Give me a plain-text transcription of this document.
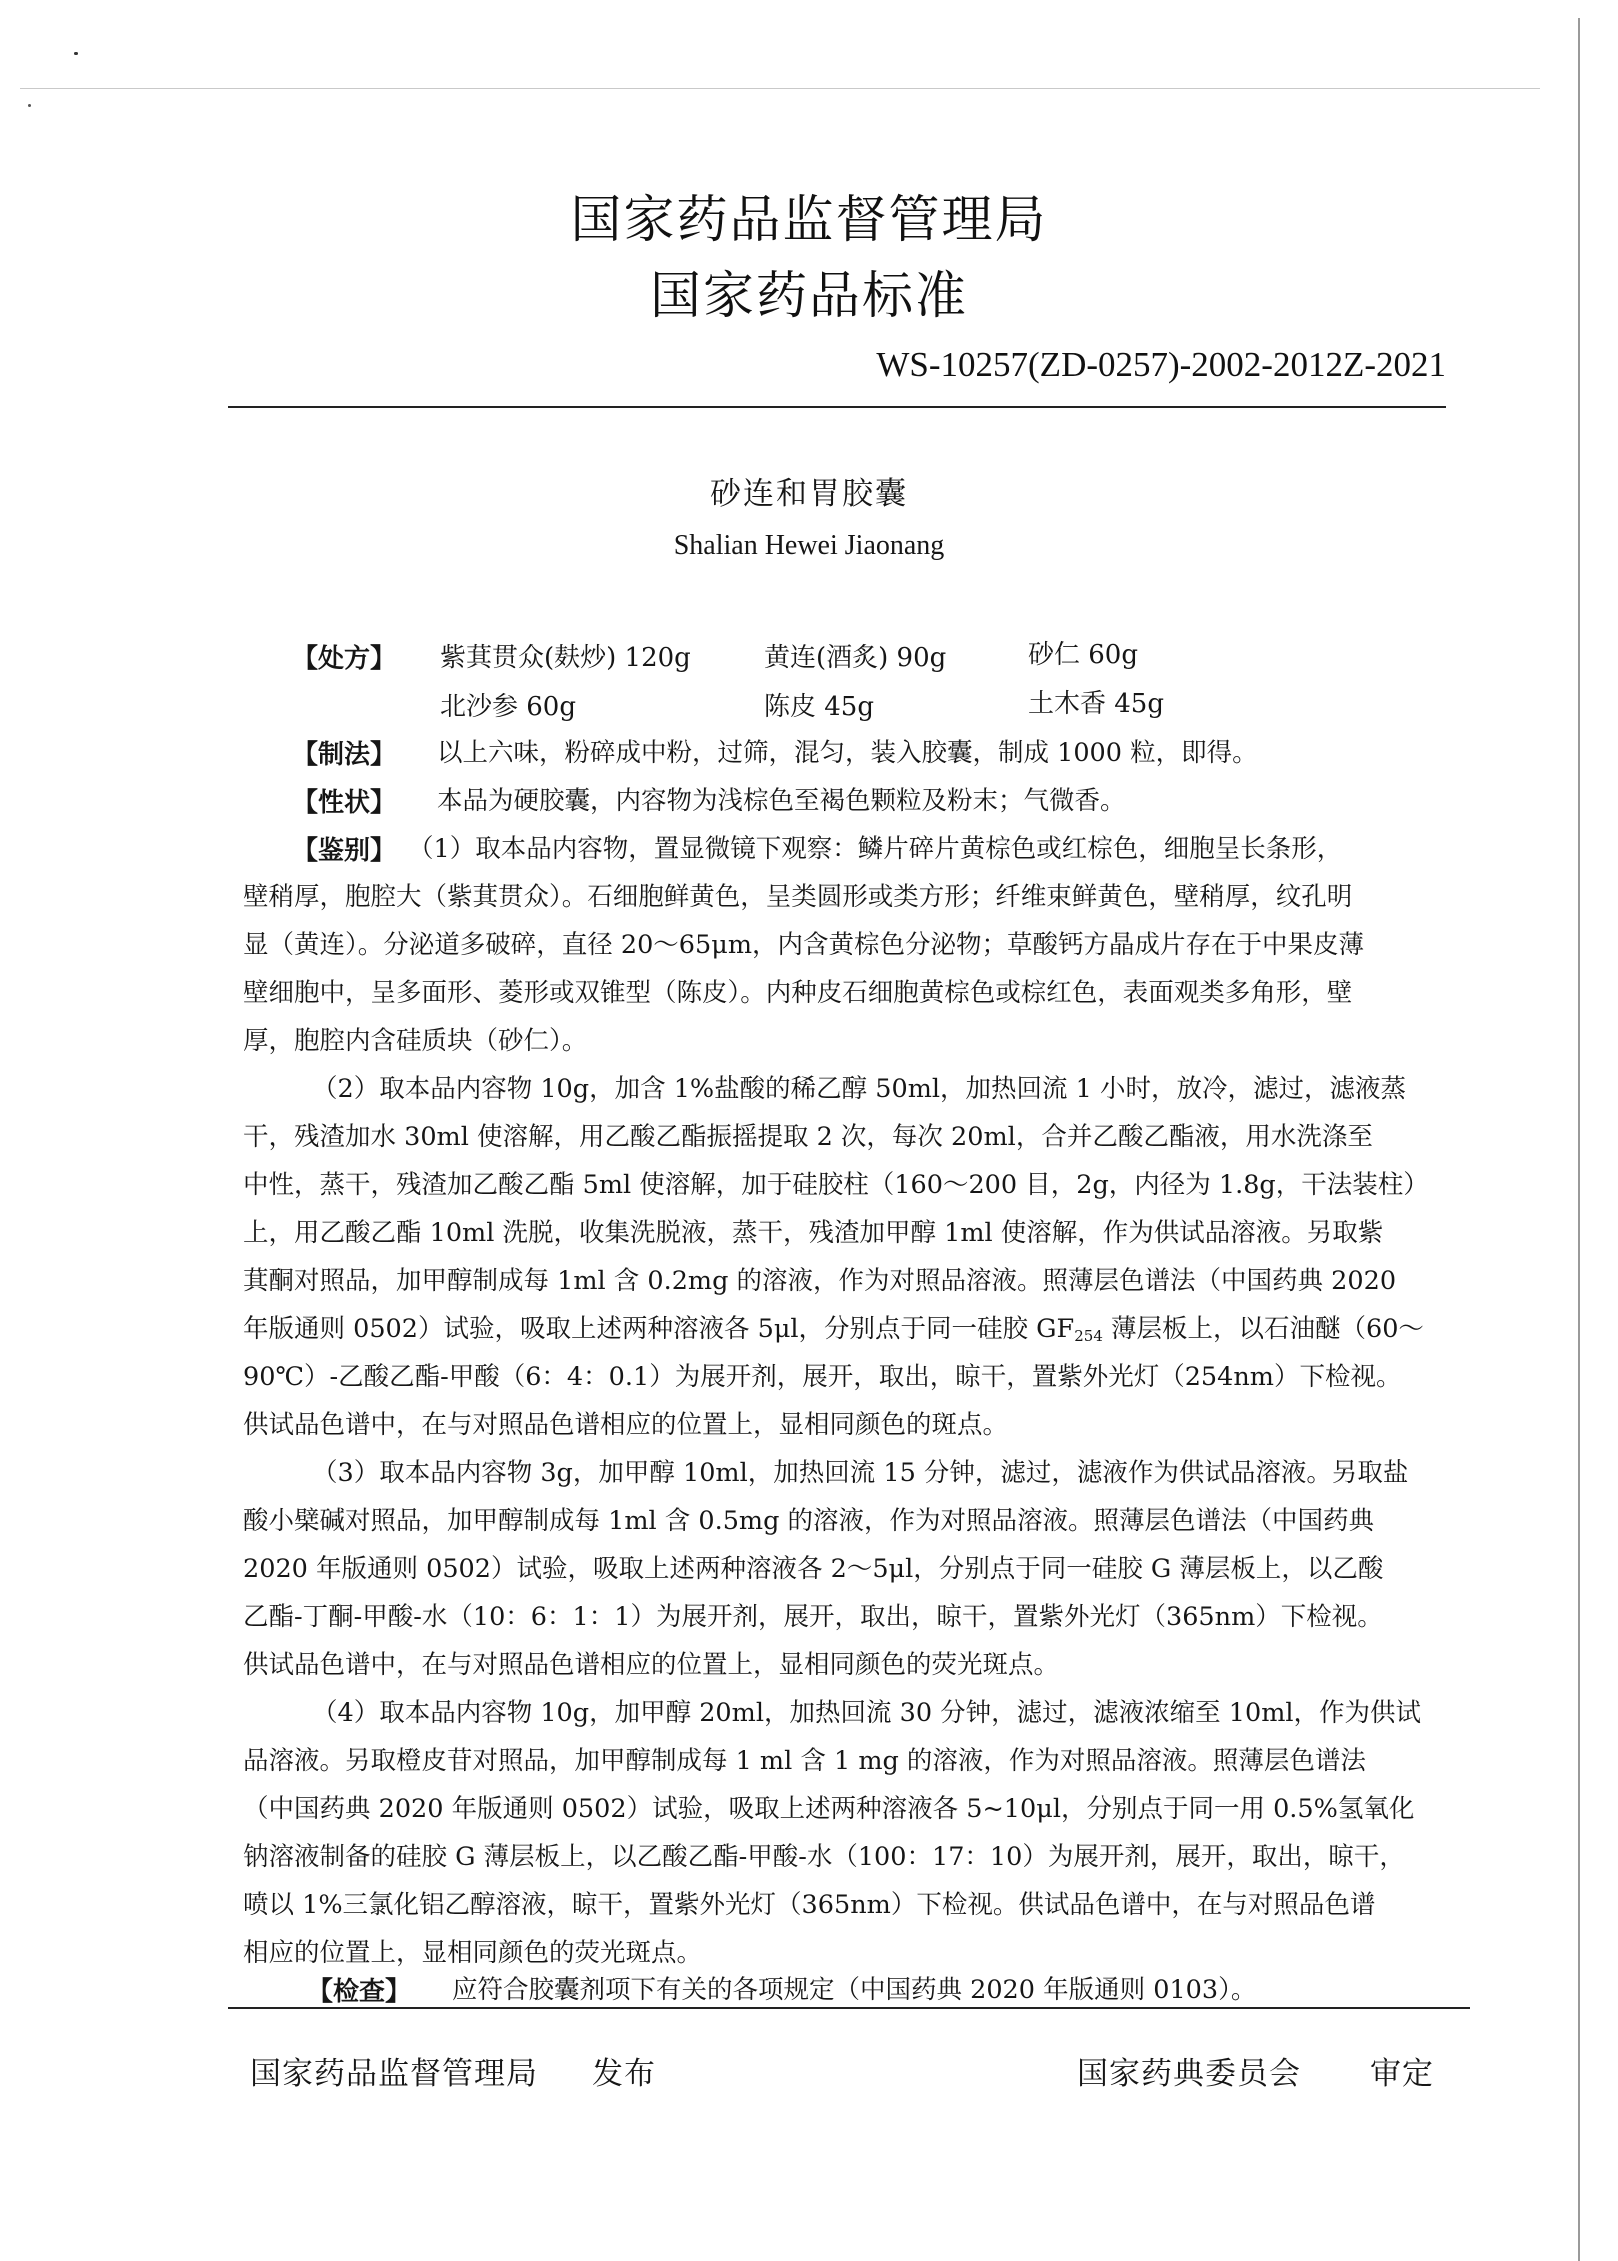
国家药品监督管理局
国家药品标准
WS-10257(ZD-0257)-2002-2012Z-2021
砂连和胃胶囊
Shalian Hewei Jiaonang
【处方】 紫萁贯众(麸炒) 120g	黄连(酒炙) 90g	砂仁 60g
北沙参 60g	陈皮 45g	土木香 45g
【制法】 以上六味，粉碎成中粉，过筛，混匀，装入胶囊，制成 1000 粒，即得。
【性状】 本品为硬胶囊，内容物为浅棕色至褐色颗粒及粉末；气微香。
【鉴别】 （1）取本品内容物，置显微镜下观察：鳞片碎片黄棕色或红棕色，细胞呈长条形，
壁稍厚，胞腔大（紫萁贯众）。石细胞鲜黄色，呈类圆形或类方形；纤维束鲜黄色，壁稍厚，纹孔明
显（黄连）。分泌道多破碎，直径 20～65μm，内含黄棕色分泌物；草酸钙方晶成片存在于中果皮薄
壁细胞中，呈多面形、菱形或双锥型（陈皮）。内种皮石细胞黄棕色或棕红色，表面观类多角形，壁
厚，胞腔内含硅质块（砂仁）。
（2）取本品内容物 10g，加含 1%盐酸的稀乙醇 50ml，加热回流 1 小时，放冷，滤过，滤液蒸
干，残渣加水 30ml 使溶解，用乙酸乙酯振摇提取 2 次，每次 20ml，合并乙酸乙酯液，用水洗涤至
中性，蒸干，残渣加乙酸乙酯 5ml 使溶解，加于硅胶柱（160～200 目，2g，内径为 1.8g，干法装柱）
上，用乙酸乙酯 10ml 洗脱，收集洗脱液，蒸干，残渣加甲醇 1ml 使溶解，作为供试品溶液。另取紫
萁酮对照品，加甲醇制成每 1ml 含 0.2mg 的溶液，作为对照品溶液。照薄层色谱法（中国药典 2020
年版通则 0502）试验，吸取上述两种溶液各 5μl，分别点于同一硅胶 $GF_{254}$ 薄层板上，以石油醚（60～
90℃）-乙酸乙酯-甲酸（6：4：0.1）为展开剂，展开，取出，晾干，置紫外光灯（254nm）下检视。
供试品色谱中，在与对照品色谱相应的位置上，显相同颜色的斑点。
（3）取本品内容物 3g，加甲醇 10ml，加热回流 15 分钟，滤过，滤液作为供试品溶液。另取盐
酸小檗碱对照品，加甲醇制成每 1ml 含 0.5mg 的溶液，作为对照品溶液。照薄层色谱法（中国药典
2020 年版通则 0502）试验，吸取上述两种溶液各 2～5μl，分别点于同一硅胶 G 薄层板上，以乙酸
乙酯-丁酮-甲酸-水（10：6：1：1）为展开剂，展开，取出，晾干，置紫外光灯（365nm）下检视。
供试品色谱中，在与对照品色谱相应的位置上，显相同颜色的荧光斑点。
（4）取本品内容物 10g，加甲醇 20ml，加热回流 30 分钟，滤过，滤液浓缩至 10ml，作为供试
品溶液。另取橙皮苷对照品，加甲醇制成每 1 ml 含 1 mg 的溶液，作为对照品溶液。照薄层色谱法
（中国药典 2020 年版通则 0502）试验，吸取上述两种溶液各 5~10μl，分别点于同一用 0.5%氢氧化
钠溶液制备的硅胶 G 薄层板上，以乙酸乙酯-甲酸-水（100：17：10）为展开剂，展开，取出，晾干，
喷以 1%三氯化铝乙醇溶液，晾干，置紫外光灯（365nm）下检视。供试品色谱中，在与对照品色谱
相应的位置上，显相同颜色的荧光斑点。
【检查】 应符合胶囊剂项下有关的各项规定（中国药典 2020 年版通则 0103）。
国家药品监督管理局 发布	国家药典委员会 审定
